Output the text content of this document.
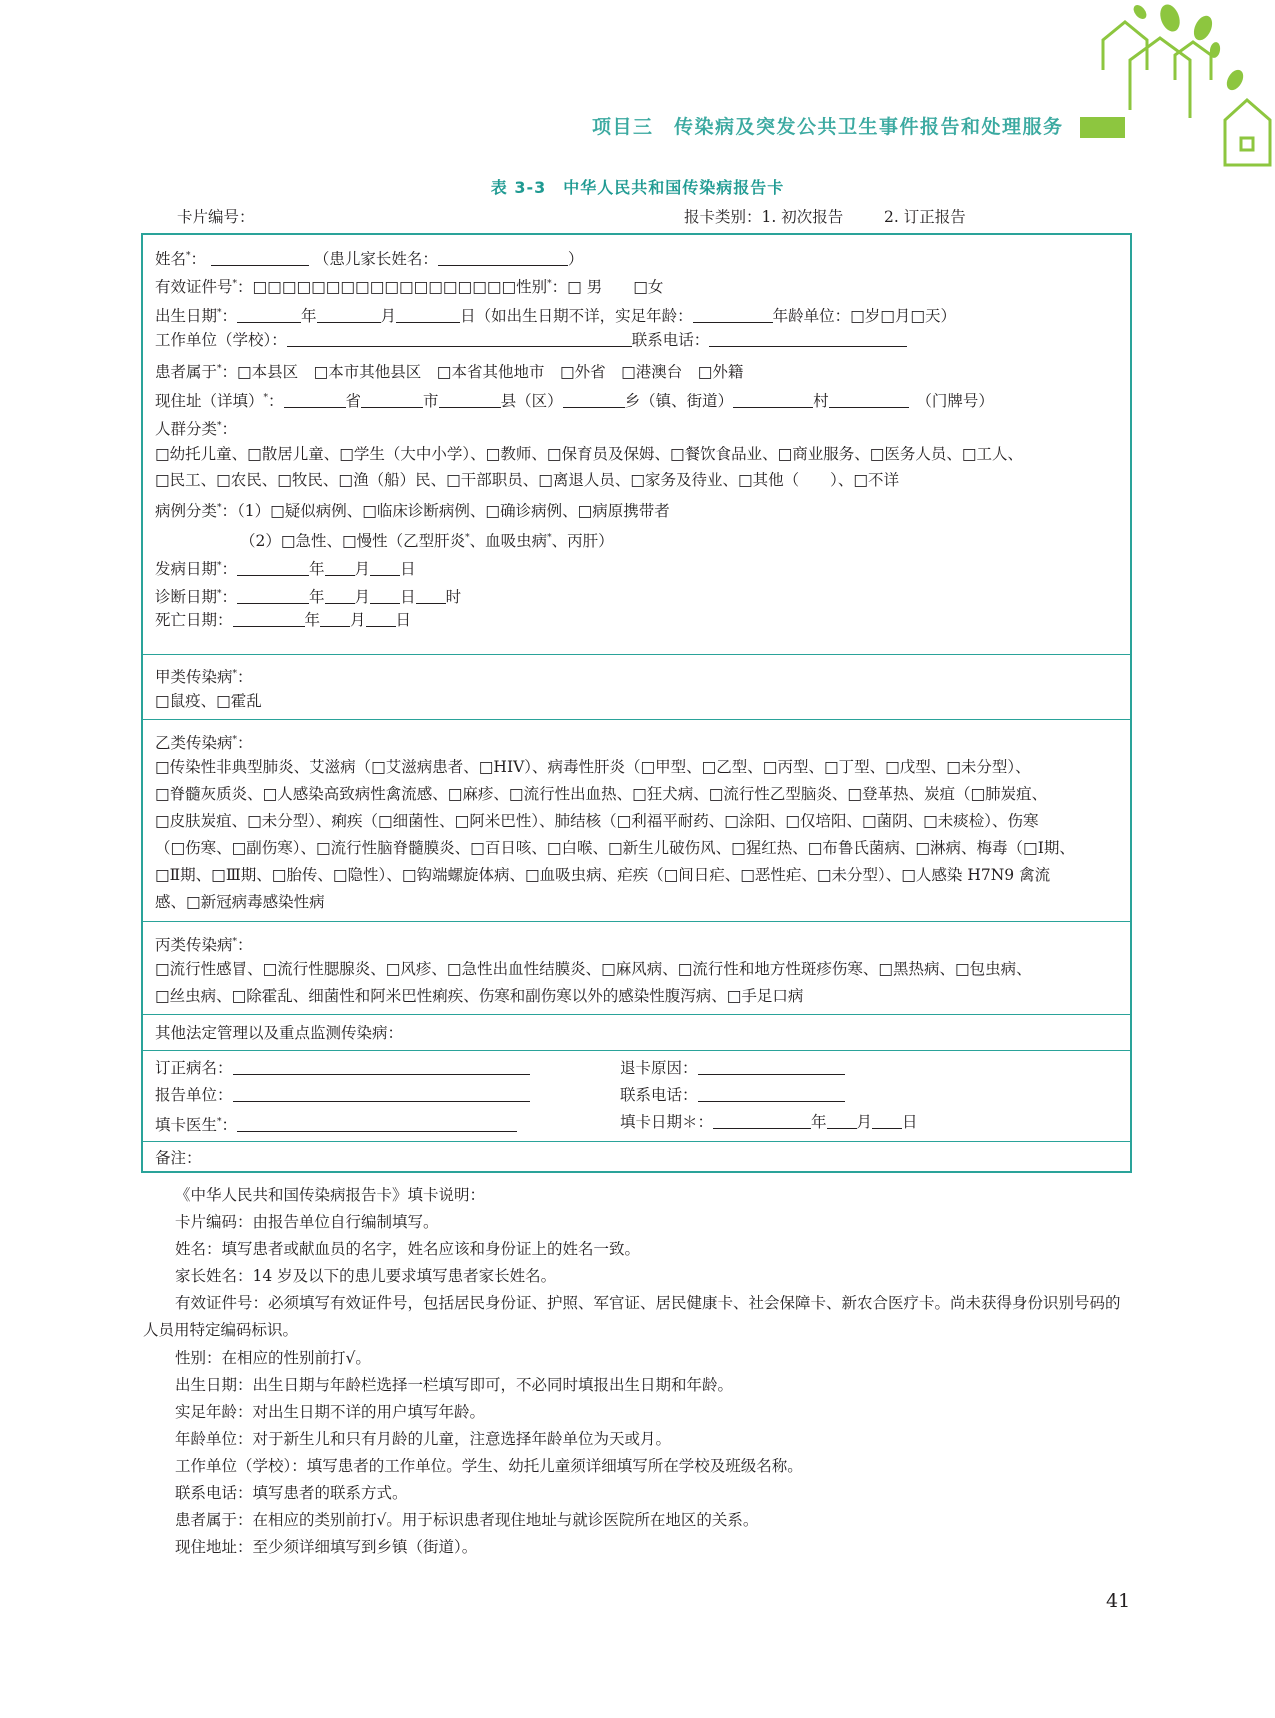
项目三　传染病及突发公共卫生事件报告和处理服务
表 3-3　中华人民共和国传染病报告卡
卡片编号：	报卡类别：1. 初次报告	2. 订正报告
姓名*：	（患儿家长姓名：	）
有效证件号*：□□□□□□□□□□□□□□□□□□性别*：□ 男　　 □女
出生日期*：	年	月	日（如出生日期不详，实足年龄：	年龄单位：□岁□月□天）
工作单位（学校）：	联系电话：
患者属于*：□本县区　□本市其他县区　□本省其他地市　□外省　□港澳台　□外籍
现住址（详填）*：	省	市	县（区）	乡（镇、街道）	村　	（门牌号）
人群分类*：
□幼托儿童、□散居儿童、□学生（大中小学）、□教师、□保育员及保姆、□餐饮食品业、□商业服务、□医务人员、□工人、
□民工、□农民、□牧民、□渔（船）民、□干部职员、□离退人员、□家务及待业、□其他（　　）、□不详
病例分类*：（1）□疑似病例、□临床诊断病例、□确诊病例、□病原携带者
（2）□急性、□慢性（乙型肝炎*、血吸虫病*、丙肝）
发病日期*：	年 月 日
诊断日期*：	年 月 日 时
死亡日期：	年 月 日
甲类传染病*：
□鼠疫、□霍乱
乙类传染病*：
□传染性非典型肺炎、艾滋病（□艾滋病患者、□HIV）、病毒性肝炎（□甲型、□乙型、□丙型、□丁型、□戊型、□未分型）、
□脊髓灰质炎、□人感染高致病性禽流感、□麻疹、□流行性出血热、□狂犬病、□流行性乙型脑炎、□登革热、炭疽（□肺炭疽、
□皮肤炭疽、□未分型）、痢疾（□细菌性、□阿米巴性）、肺结核（□利福平耐药、□涂阳、□仅培阳、□菌阴、□未痰检）、伤寒
（□伤寒、□副伤寒）、□流行性脑脊髓膜炎、□百日咳、□白喉、□新生儿破伤风、□猩红热、□布鲁氏菌病、□淋病、梅毒（□Ⅰ期、
□Ⅱ期、□Ⅲ期、□胎传、□隐性）、□钩端螺旋体病、□血吸虫病、疟疾（□间日疟、□恶性疟、□未分型）、□人感染 H7N9 禽流
感、□新冠病毒感染性病
丙类传染病*：
□流行性感冒、□流行性腮腺炎、□风疹、□急性出血性结膜炎、□麻风病、□流行性和地方性斑疹伤寒、□黑热病、□包虫病、
□丝虫病、□除霍乱、细菌性和阿米巴性痢疾、伤寒和副伤寒以外的感染性腹泻病、□手足口病
其他法定管理以及重点监测传染病：
订正病名：	退卡原因：
报告单位：	联系电话：
填卡医生*：	填卡日期＊：	年 月 日
备注：
《中华人民共和国传染病报告卡》填卡说明：
卡片编码：由报告单位自行编制填写。
姓名：填写患者或献血员的名字，姓名应该和身份证上的姓名一致。
家长姓名：14 岁及以下的患儿要求填写患者家长姓名。
有效证件号：必须填写有效证件号，包括居民身份证、护照、军官证、居民健康卡、社会保障卡、新农合医疗卡。尚未获得身份识别号码的人员用特定编码标识。
性别：在相应的性别前打√。
出生日期：出生日期与年龄栏选择一栏填写即可，不必同时填报出生日期和年龄。
实足年龄：对出生日期不详的用户填写年龄。
年龄单位：对于新生儿和只有月龄的儿童，注意选择年龄单位为天或月。
工作单位（学校）：填写患者的工作单位。学生、幼托儿童须详细填写所在学校及班级名称。
联系电话：填写患者的联系方式。
患者属于：在相应的类别前打√。用于标识患者现住地址与就诊医院所在地区的关系。
现住地址：至少须详细填写到乡镇（街道）。
41
